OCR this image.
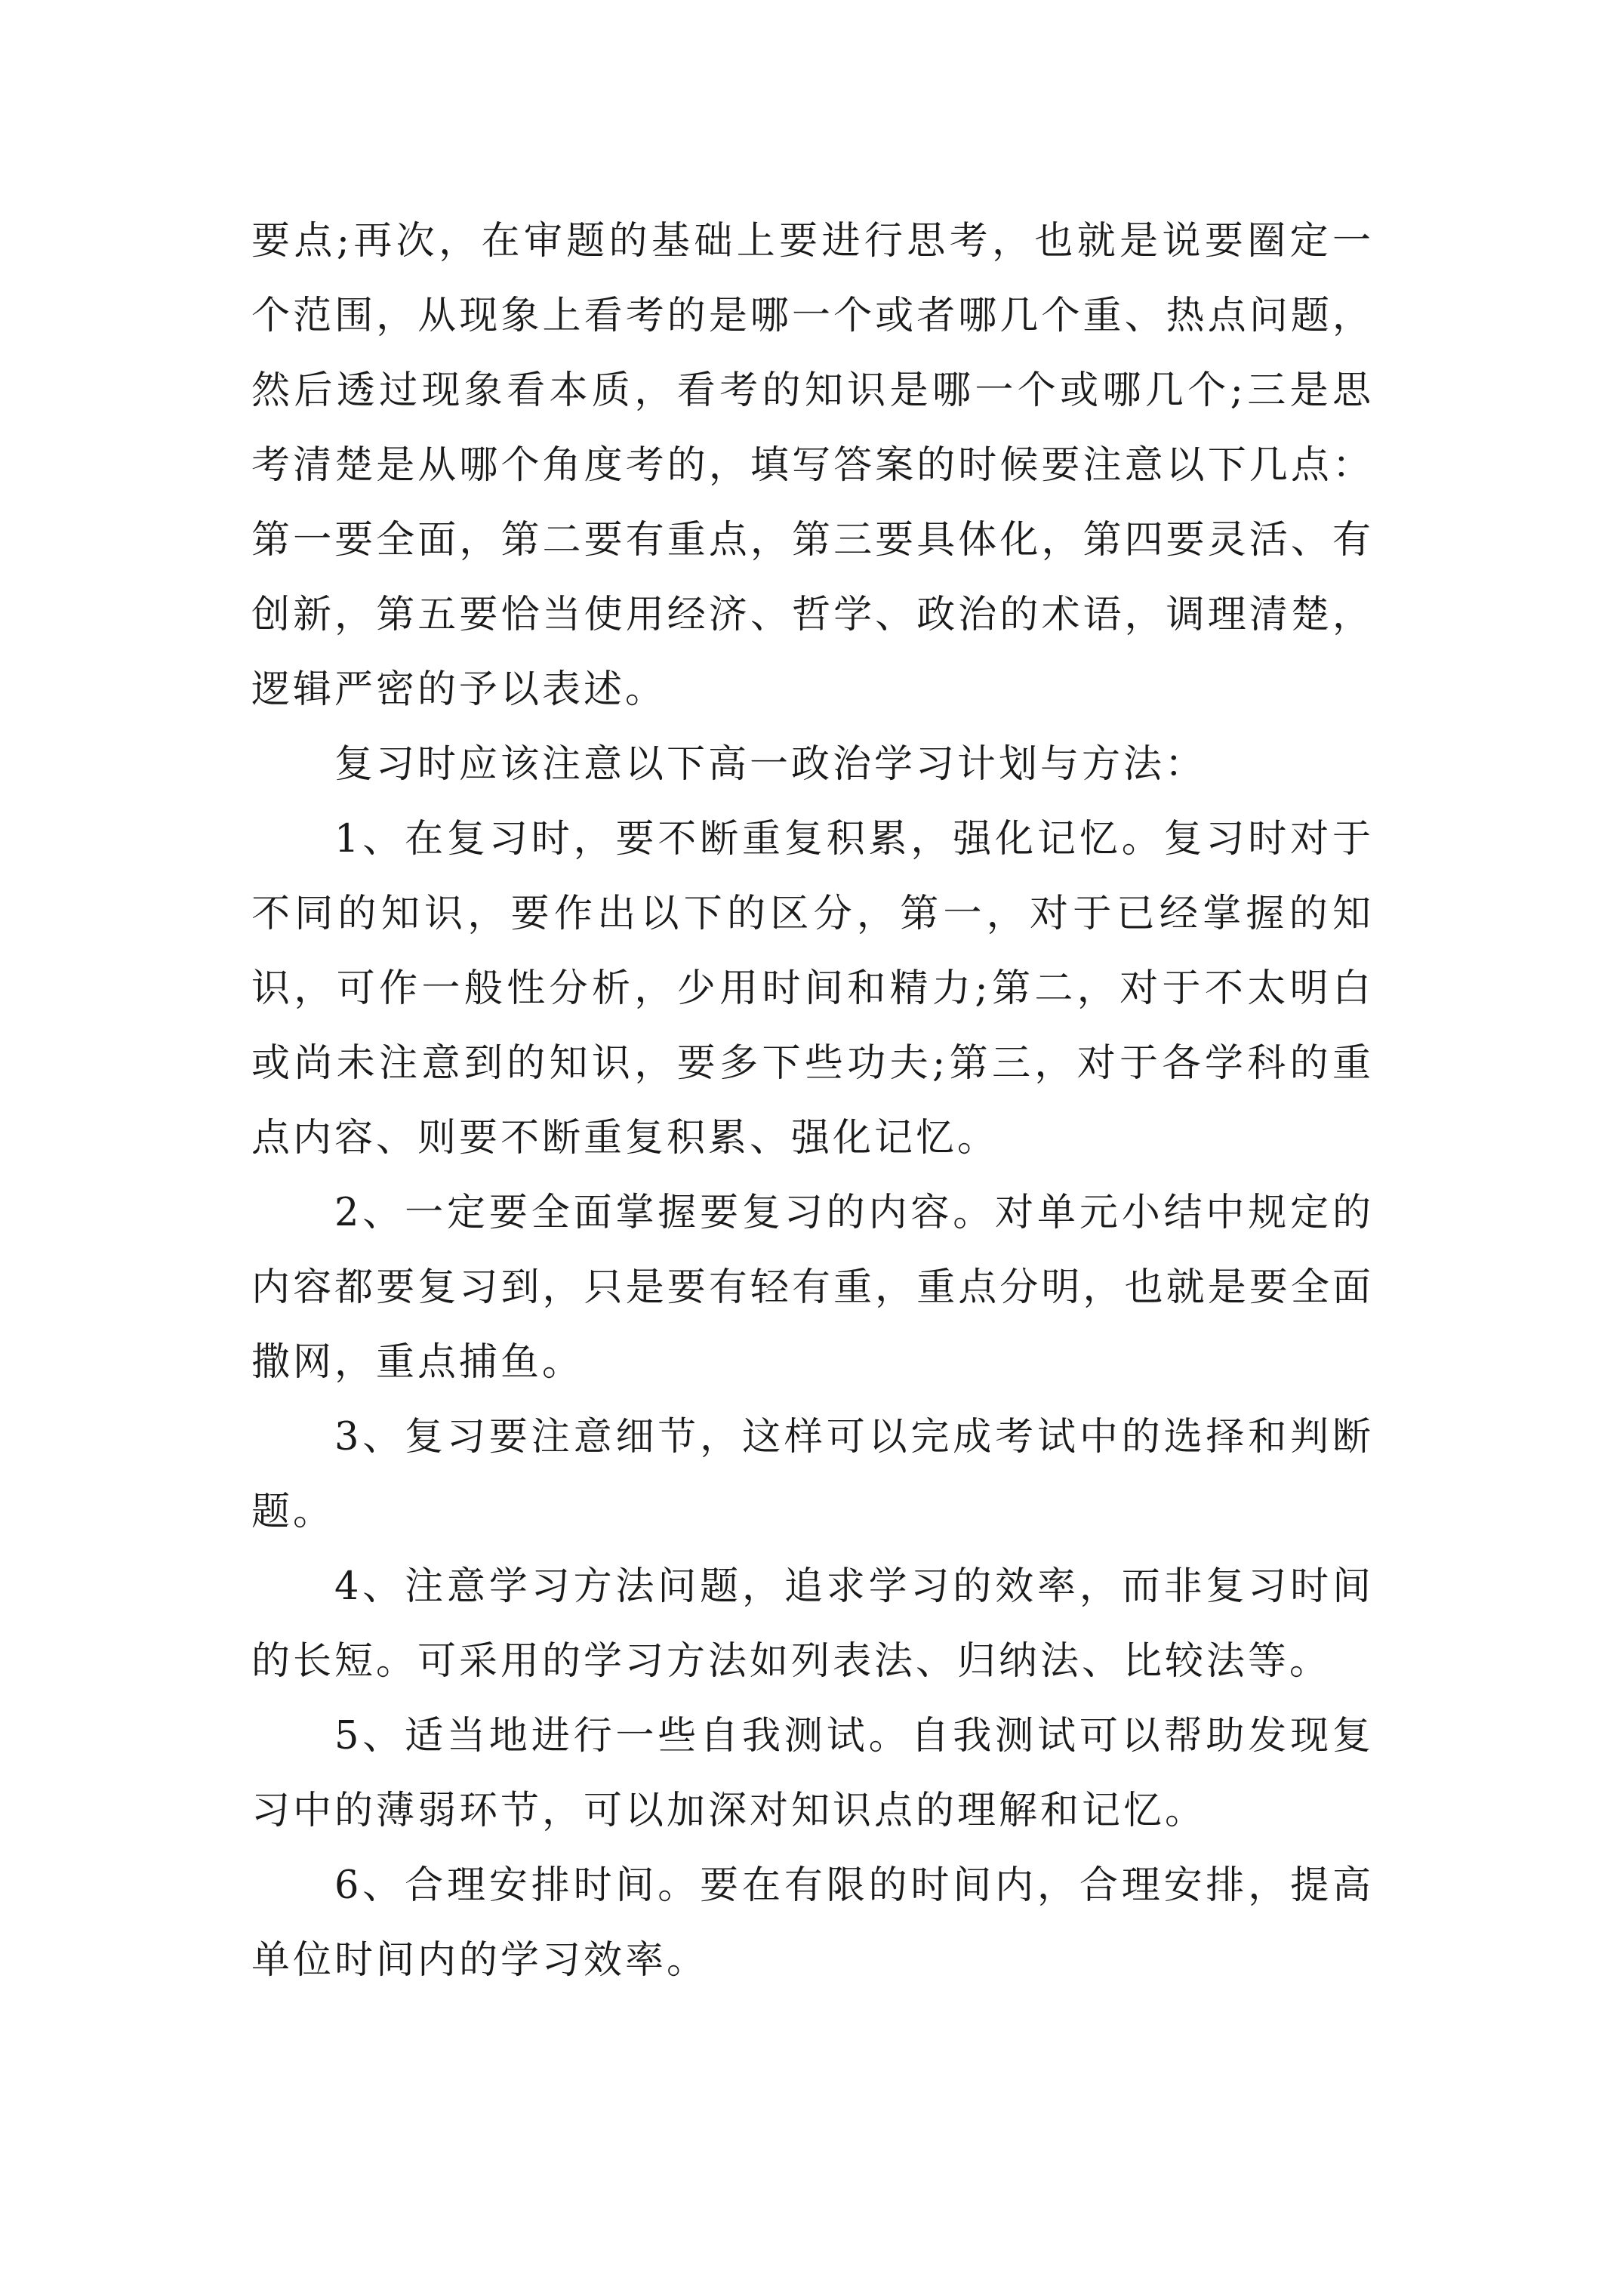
要点;再次，在审题的基础上要进行思考，也就是说要圈定一个范围，从现象上看考的是哪一个或者哪几个重、热点问题，然后透过现象看本质，看考的知识是哪一个或哪几个;三是思考清楚是从哪个角度考的，填写答案的时候要注意以下几点：第一要全面，第二要有重点，第三要具体化，第四要灵活、有创新，第五要恰当使用经济、哲学、政治的术语，调理清楚，逻辑严密的予以表述。

复习时应该注意以下高一政治学习计划与方法：

1、在复习时，要不断重复积累，强化记忆。复习时对于不同的知识，要作出以下的区分，第一，对于已经掌握的知识，可作一般性分析，少用时间和精力;第二，对于不太明白或尚未注意到的知识，要多下些功夫;第三，对于各学科的重点内容、则要不断重复积累、强化记忆。

2、一定要全面掌握要复习的内容。对单元小结中规定的内容都要复习到，只是要有轻有重，重点分明，也就是要全面撒网，重点捕鱼。

3、复习要注意细节，这样可以完成考试中的选择和判断题。

4、注意学习方法问题，追求学习的效率，而非复习时间的长短。可采用的学习方法如列表法、归纳法、比较法等。

5、适当地进行一些自我测试。自我测试可以帮助发现复习中的薄弱环节，可以加深对知识点的理解和记忆。

6、合理安排时间。要在有限的时间内，合理安排，提高单位时间内的学习效率。
